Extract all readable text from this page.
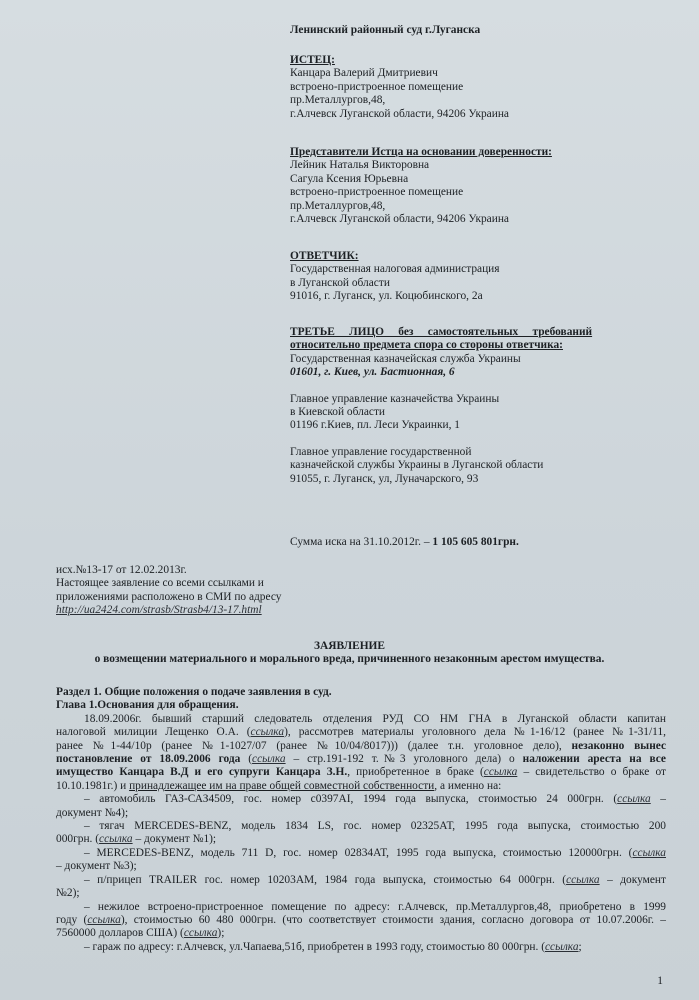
Ленинский районный суд г.Луганска
ИСТЕЦ:
Канцара Валерий Дмитриевич
встроено-пристроенное помещение
пр.Металлургов,48,
г.Алчевск Луганской области, 94206 Украина
Представители Истца на основании доверенности:
Лейник Наталья Викторовна
Сагула Ксения Юрьевна
встроено-пристроенное помещение
пр.Металлургов,48,
г.Алчевск Луганской области, 94206 Украина
ОТВЕТЧИК:
Государственная налоговая администрация
в Луганской области
91016, г. Луганск, ул. Коцюбинского, 2а
ТРЕТЬЕ     ЛИЦО     без     самостоятельных     требований
относительно предмета спора со стороны ответчика:
Государственная казначейская служба Украины
01601, г. Киев, ул. Бастионная, 6
Главное управление казначейства Украины
в Киевской области
01196 г.Киев, пл. Леси Украинки, 1
Главное управление государственной
казначейской службы Украины в Луганской области
91055, г. Луганск, ул, Луначарского, 93
Сумма иска на 31.10.2012г. – 1 105 605 801грн.
исх.№13-17 от 12.02.2013г.
Настоящее заявление со всеми ссылками и
приложениями расположено в СМИ по адресу
http://ua2424.com/strasb/Strasb4/13-17.html
ЗАЯВЛЕНИЕ
о возмещении материального и морального вреда, причиненного незаконным арестом имущества.
Раздел 1. Общие положения о подаче заявления в суд.
Глава 1.Основания для обращения.
18.09.2006г. бывший старший следователь отделения РУД СО НМ ГНА в Луганской области капитан
налоговой милиции Лещенко О.А. (ссылка), рассмотрев материалы уголовного дела №1-16/12 (ранее №1-31/11,
ранее №1-44/10р (ранее №1-1027/07 (ранее №10/04/8017))) (далее т.н. уголовное дело), незаконно вынес
постановление от 18.09.2006 года (ссылка – стр.191-192 т.№3 уголовного дела) о наложении ареста на все
имущество Канцара В.Д и его супруги Канцара З.Н., приобретенное в браке (ссылка – свидетельство о браке от
10.10.1981г.) и принадлежащее им на праве общей совместной собственности, а именно на:
– автомобиль ГАЗ-САЗ4509, гос. номер с0397АI, 1994 года выпуска, стоимостью 24 000грн. (ссылка –
документ №4);
– тягач MERCEDES-BENZ, модель 1834 LS, гос. номер 02325АТ, 1995 года выпуска, стоимостью 200
000грн. (ссылка – документ №1);
– MERCEDES-BENZ, модель 711 D, гос. номер 02834АТ, 1995 года выпуска, стоимостью 120000грн. (ссылка
– документ №3);
– п/прицеп TRAILER гос. номер 10203АМ, 1984 года выпуска, стоимостью 64 000грн. (ссылка – документ
№2);
– нежилое встроено-пристроенное помещение по адресу: г.Алчевск, пр.Металлургов,48, приобретено в 1999
году (ссылка), стоимостью 60 480 000грн. (что соответствует стоимости здания, согласно договора от 10.07.2006г. –
7560000 долларов США) (ссылка);
– гараж по адресу: г.Алчевск, ул.Чапаева,51б, приобретен в 1993 году, стоимостью 80 000грн. (ссылка;
1
